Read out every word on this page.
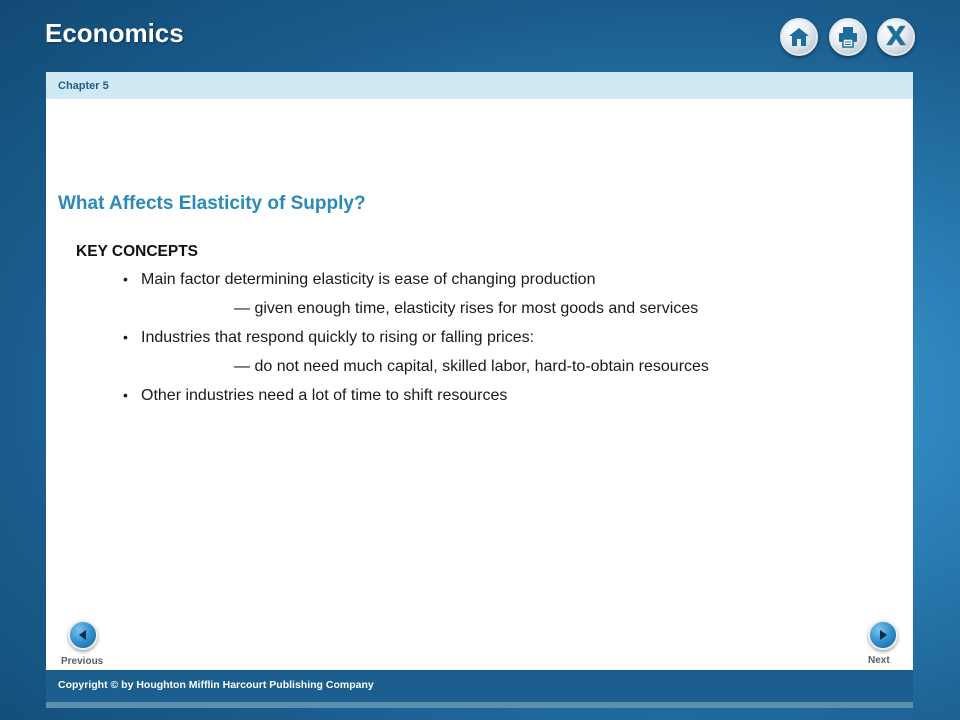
Economics	X
Chapter 5
What Affects Elasticity of Supply?
KEY CONCEPTS
• Main factor determining elasticity is ease of changing production
— given enough time, elasticity rises for most goods and services
• Industries that respond quickly to rising or falling prices:
— do not need much capital, skilled labor, hard-to-obtain resources
• Other industries need a lot of time to shift resources
Previous	Next
Copyright © by Houghton Mifflin Harcourt Publishing Company
